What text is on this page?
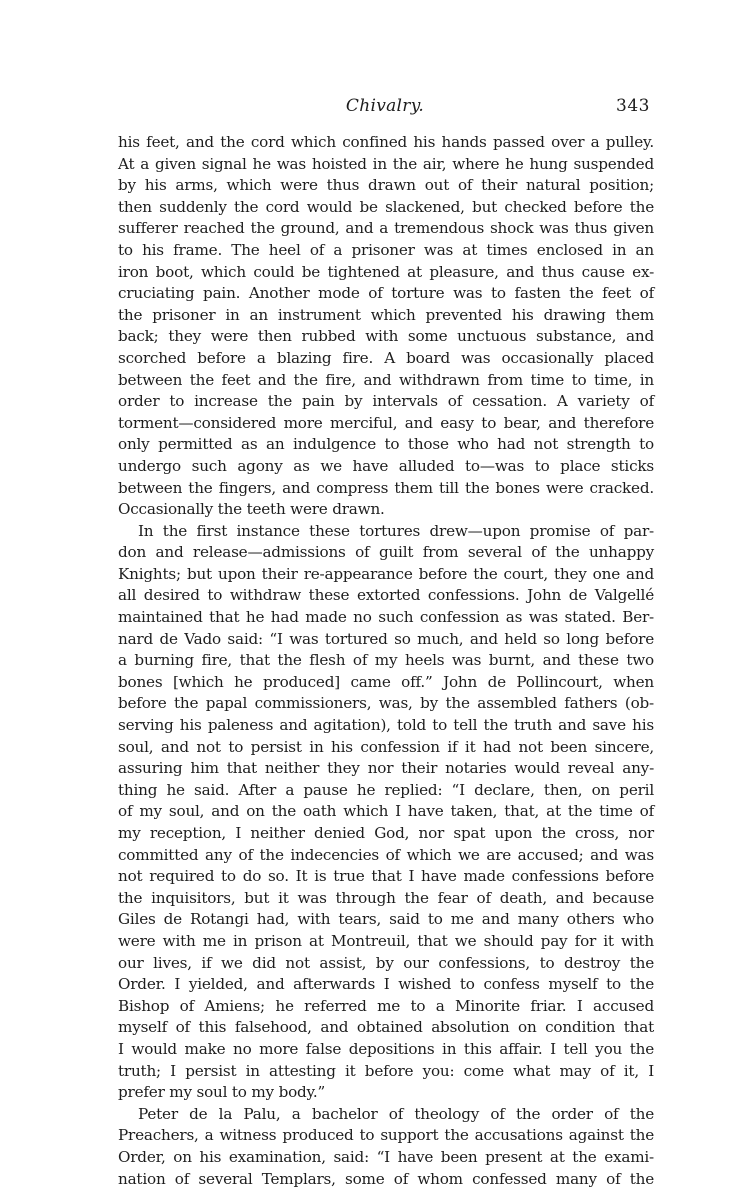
Chivalry.	343
his feet, and the cord which confined his hands passed over a pulley.
At a given signal he was hoisted in the air, where he hung suspended
by his arms, which were thus drawn out of their natural position;
then suddenly the cord would be slackened, but checked before the
sufferer reached the ground, and a tremendous shock was thus given
to his frame. The heel of a prisoner was at times enclosed in an
iron boot, which could be tightened at pleasure, and thus cause ex-
cruciating pain. Another mode of torture was to fasten the feet of
the prisoner in an instrument which prevented his drawing them
back; they were then rubbed with some unctuous substance, and
scorched before a blazing fire. A board was occasionally placed
between the feet and the fire, and withdrawn from time to time, in
order to increase the pain by intervals of cessation. A variety of
torment—considered more merciful, and easy to bear, and therefore
only permitted as an indulgence to those who had not strength to
undergo such agony as we have alluded to—was to place sticks
between the fingers, and compress them till the bones were cracked.
Occasionally the teeth were drawn.
In the first instance these tortures drew—upon promise of par-
don and release—admissions of guilt from several of the unhappy
Knights; but upon their re-appearance before the court, they one and
all desired to withdraw these extorted confessions. John de Valgellé
maintained that he had made no such confession as was stated. Ber-
nard de Vado said: “I was tortured so much, and held so long before
a burning fire, that the flesh of my heels was burnt, and these two
bones [which he produced] came off.” John de Pollincourt, when
before the papal commissioners, was, by the assembled fathers (ob-
serving his paleness and agitation), told to tell the truth and save his
soul, and not to persist in his confession if it had not been sincere,
assuring him that neither they nor their notaries would reveal any-
thing he said. After a pause he replied: “I declare, then, on peril
of my soul, and on the oath which I have taken, that, at the time of
my reception, I neither denied God, nor spat upon the cross, nor
committed any of the indecencies of which we are accused; and was
not required to do so. It is true that I have made confessions before
the inquisitors, but it was through the fear of death, and because
Giles de Rotangi had, with tears, said to me and many others who
were with me in prison at Montreuil, that we should pay for it with
our lives, if we did not assist, by our confessions, to destroy the
Order. I yielded, and afterwards I wished to confess myself to the
Bishop of Amiens; he referred me to a Minorite friar. I accused
myself of this falsehood, and obtained absolution on condition that
I would make no more false depositions in this affair. I tell you the
truth; I persist in attesting it before you: come what may of it, I
prefer my soul to my body.”
Peter de la Palu, a bachelor of theology of the order of the
Preachers, a witness produced to support the accusations against the
Order, on his examination, said: “I have been present at the exami-
nation of several Templars, some of whom confessed many of the
